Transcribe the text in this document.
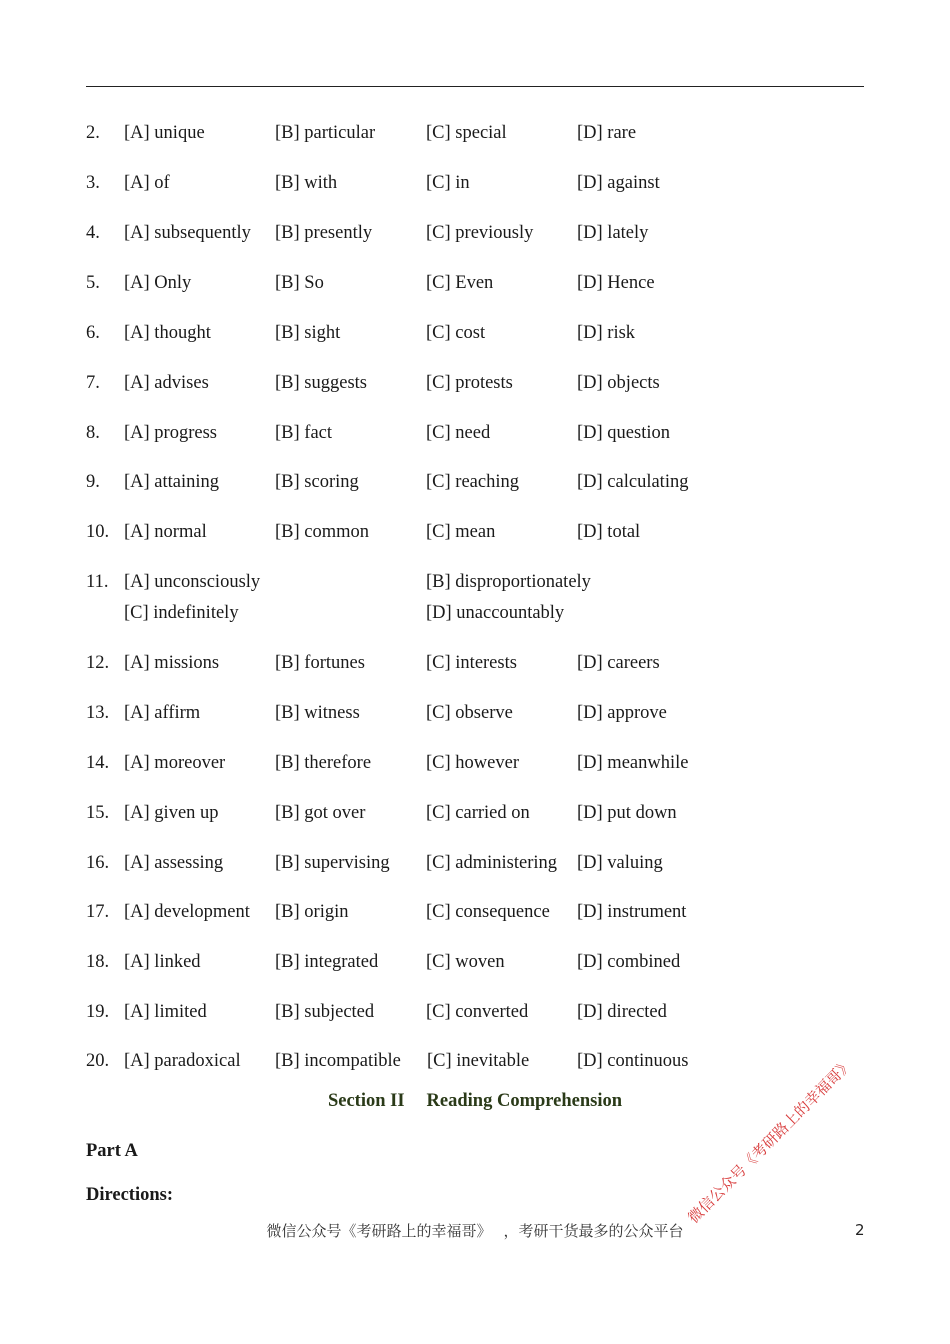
2. [A] unique	[B] particular	[C] special	[D] rare
3. [A] of	[B] with	[C] in	[D] against
4. [A] subsequently [B] presently	[C] previously [D] lately
5. [A] Only	[B] So	[C] Even	[D] Hence
6. [A] thought	[B] sight	[C] cost	[D] risk
7. [A] advises	[B] suggests	[C] protests	[D] objects
8. [A] progress	[B] fact	[C] need	[D] question
9. [A] attaining	[B] scoring	[C] reaching	[D] calculating
10. [A] normal	[B] common	[C] mean	[D] total
11. [A] unconsciously	[B] disproportionately
[C] indefinitely	[D] unaccountably
12. [A] missions	[B] fortunes	[C] interests	[D] careers
13. [A] affirm	[B] witness	[C] observe	[D] approve
14. [A] moreover	[B] therefore	[C] however	[D] meanwhile
15. [A] given up	[B] got over	[C] carried on	[D] put down
16. [A] assessing	[B] supervising [C] administering [D] valuing
17. [A] development [B] origin	[C] consequence [D] instrument
18. [A] linked	[B] integrated	[C] woven	[D] combined
19. [A] limited	[B] subjected	[C] converted	[D] directed
20. [A] paradoxical [B] incompatible [C] inevitable	[D] continuous
Section II Reading Comprehension
Part A
Directions:
微信公众号《考研路上的幸福哥》 ，考研干货最多的公众平台	2
微信公众号《考研路上的幸福哥》
